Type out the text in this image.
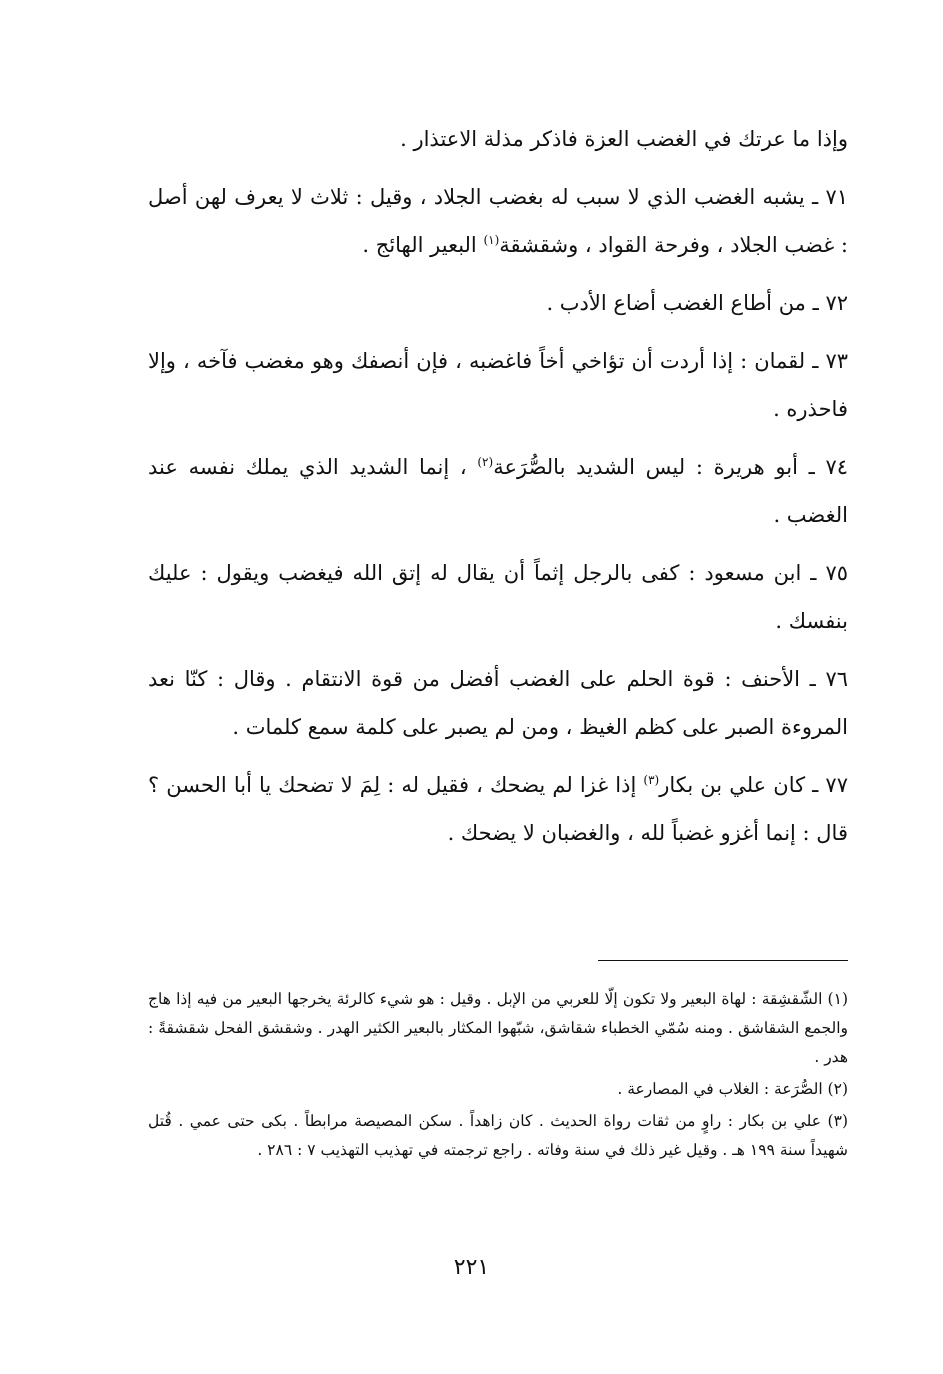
وإذا ما عرتك في الغضب العزة فاذكر مذلة الاعتذار .

٧١ ـ يشبه الغضب الذي لا سبب له بغضب الجلاد ، وقيل : ثلاث لا يعرف لهن أصل : غضب الجلاد ، وفرحة القواد ، وشقشقة$^{(١)}$ البعير الهائج .

٧٢ ـ من أطاع الغضب أضاع الأدب .

٧٣ ـ لقمان : إذا أردت أن تؤاخي أخاً فاغضبه ، فإن أنصفك وهو مغضب فآخه ، وإلا فاحذره .

٧٤ ـ أبو هريرة : ليس الشديد بالصُّرَعة$^{(٢)}$ ، إنما الشديد الذي يملك نفسه عند الغضب .

٧٥ ـ ابن مسعود : كفى بالرجل إثماً أن يقال له إتق الله فيغضب ويقول : عليك بنفسك .

٧٦ ـ الأحنف : قوة الحلم على الغضب أفضل من قوة الانتقام . وقال : كنّا نعد المروءة الصبر على كظم الغيظ ، ومن لم يصبر على كلمة سمع كلمات .

٧٧ ـ كان علي بن بكار$^{(٣)}$ إذا غزا لم يضحك ، فقيل له : لِمَ لا تضحك يا أبا الحسن ؟ قال : إنما أغزو غضباً لله ، والغضبان لا يضحك .

(١) الشّقشِقة : لهاة البعير ولا تكون إلّا للعربي من الإبل . وقيل : هو شيء كالرئة يخرجها البعير من فيه إذا هاج والجمع الشقاشق . ومنه سُمّي الخطباء شقاشق، شبّهوا المكثار بالبعير الكثير الهدر . وشقشق الفحل شقشقةً : هدر .

(٢) الصُّرَعة : الغلاب في المصارعة .

(٣) علي بن بكار : راوٍ من ثقات رواة الحديث . كان زاهداً . سكن المصيصة مرابطاً . بكى حتى عمي . قُتل شهيداً سنة ١٩٩ هـ . وقيل غير ذلك في سنة وفاته . راجع ترجمته في تهذيب التهذيب ٧ : ٢٨٦ .

٢٢١
